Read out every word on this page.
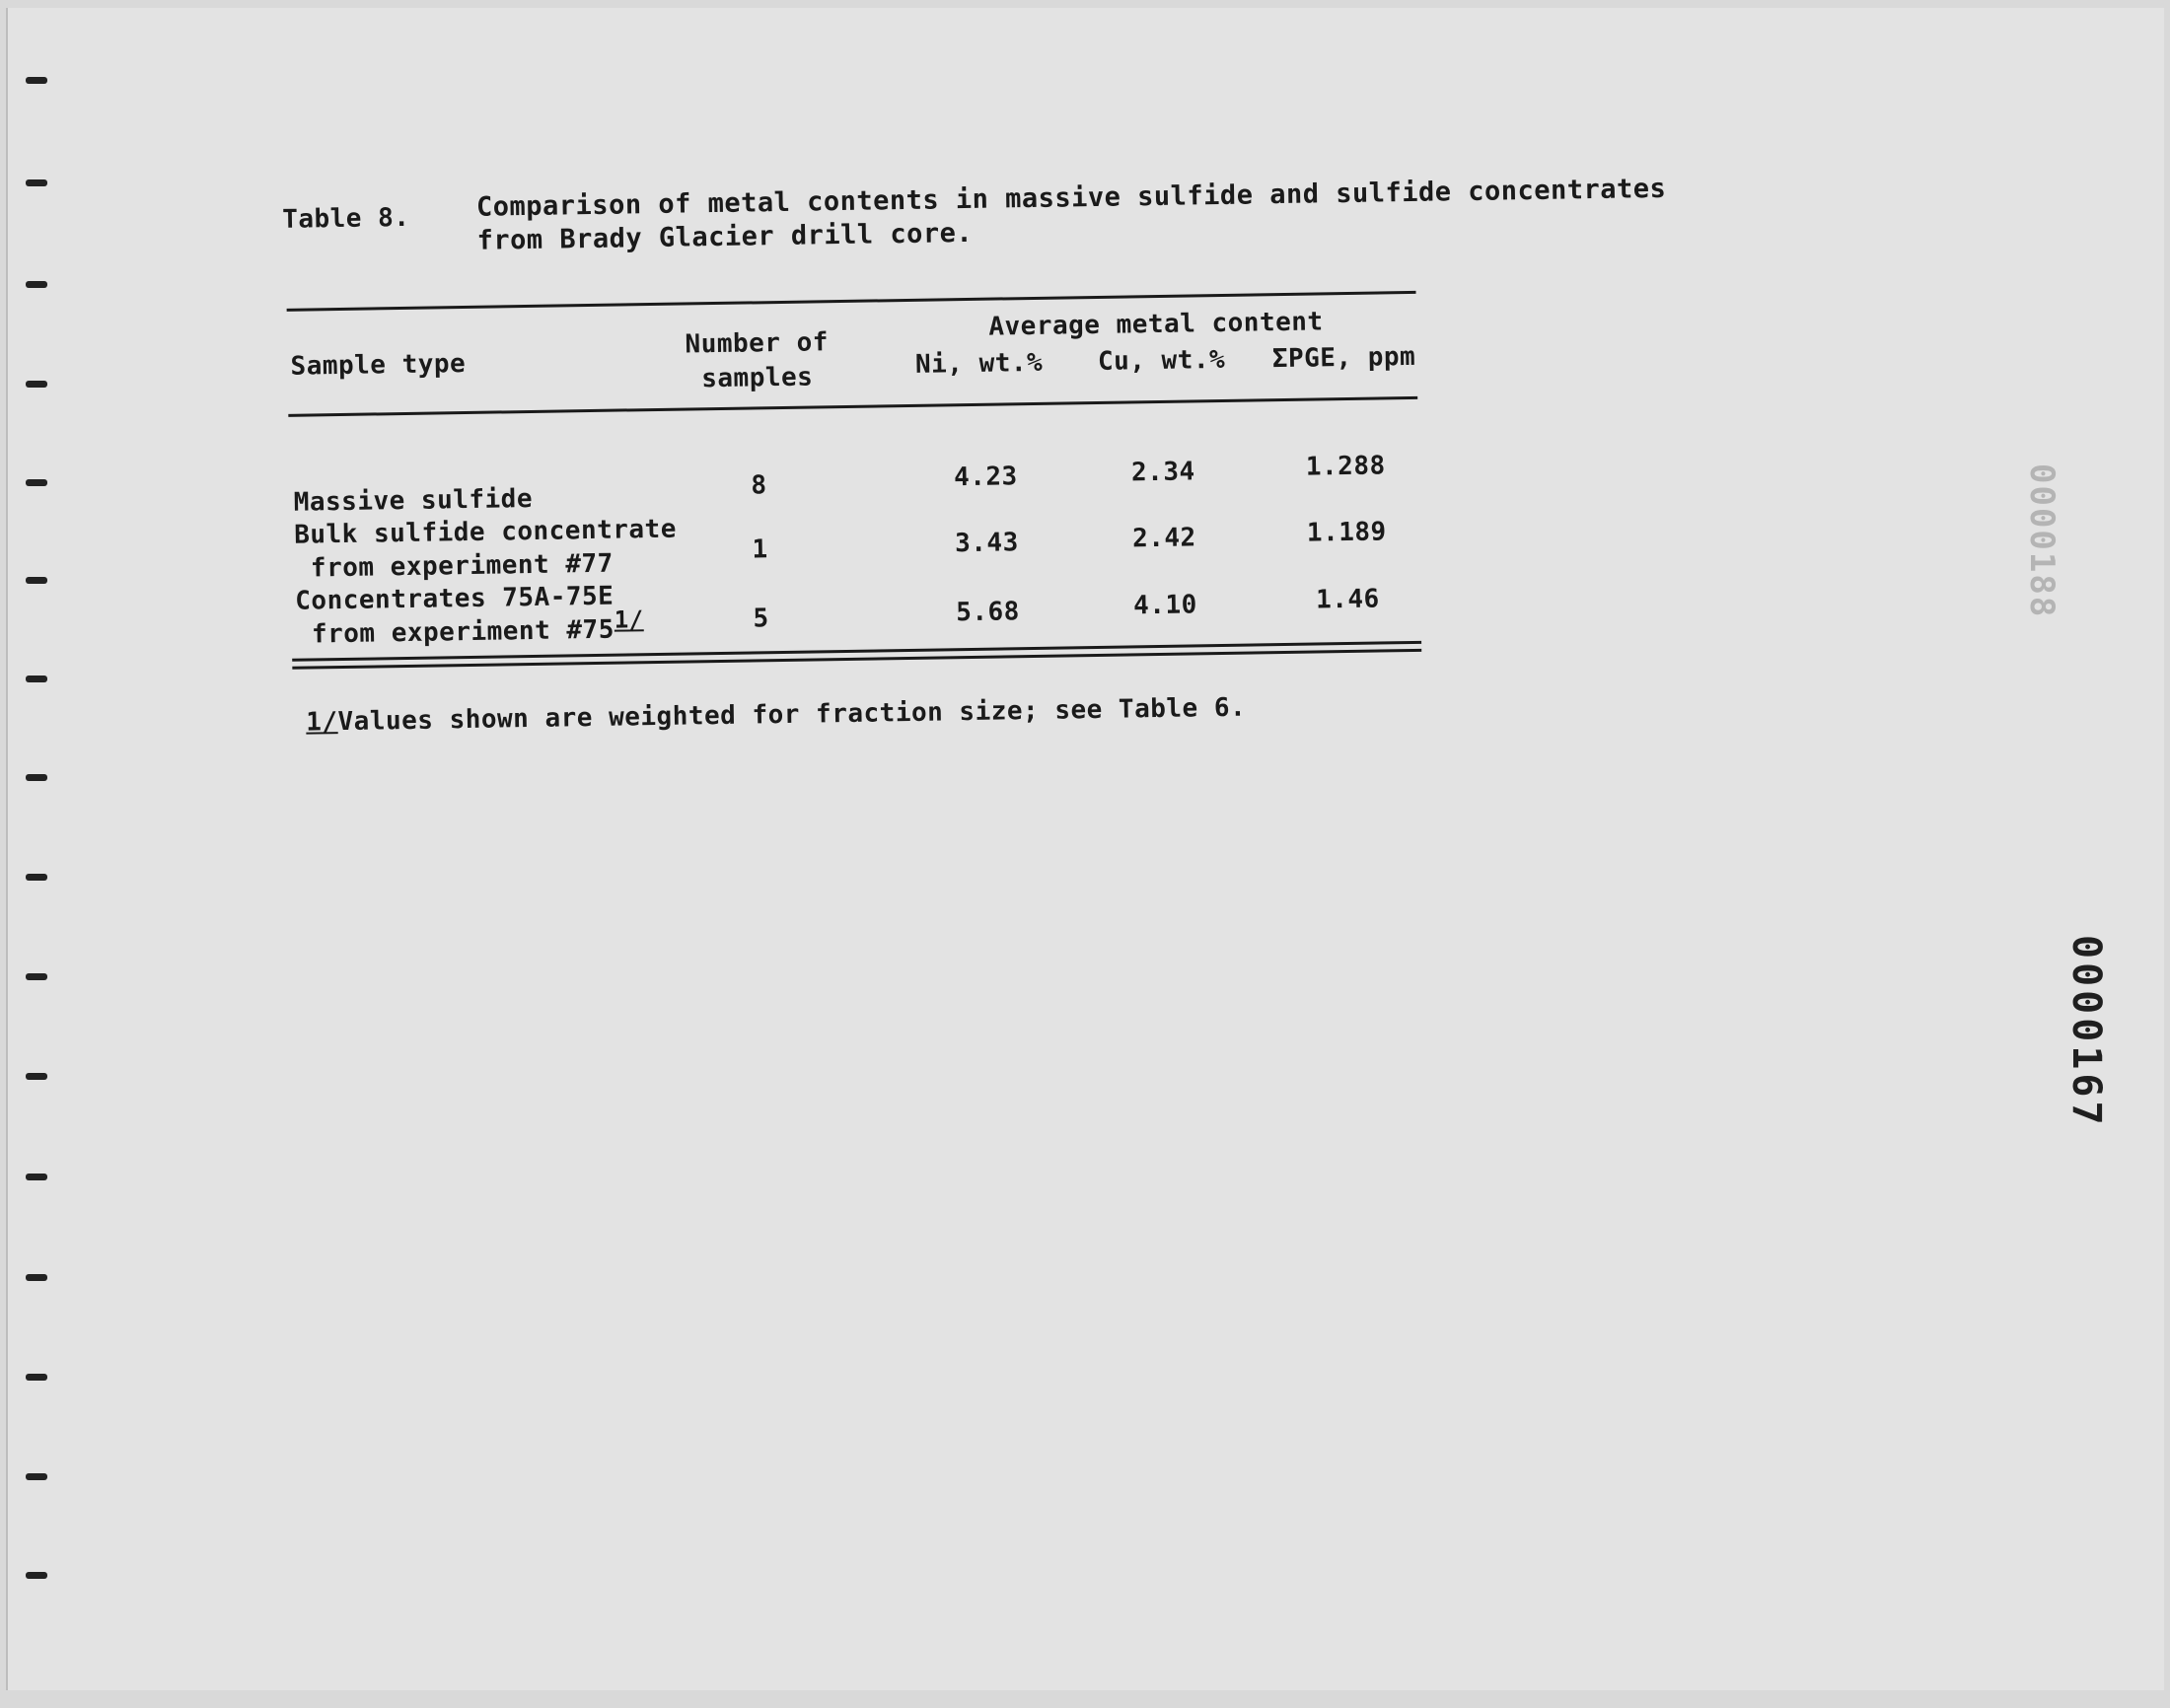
Table 8. Comparison of metal contents in massive sulfide and sulfide concentrates
from Brady Glacier drill core.
Sample type
Number of
samples
Average metal content
Ni, wt.%	Cu, wt.%	ΣPGE, ppm
Massive sulfide	8	4.23	2.34	1.288
Bulk sulfide concentrate
from experiment #77	1	3.43	2.42	1.189
Concentrates 75A-75E
from experiment #751/	5	5.68	4.10	1.46
1/Values shown are weighted for fraction size; see Table 6.
0000188
0000167
